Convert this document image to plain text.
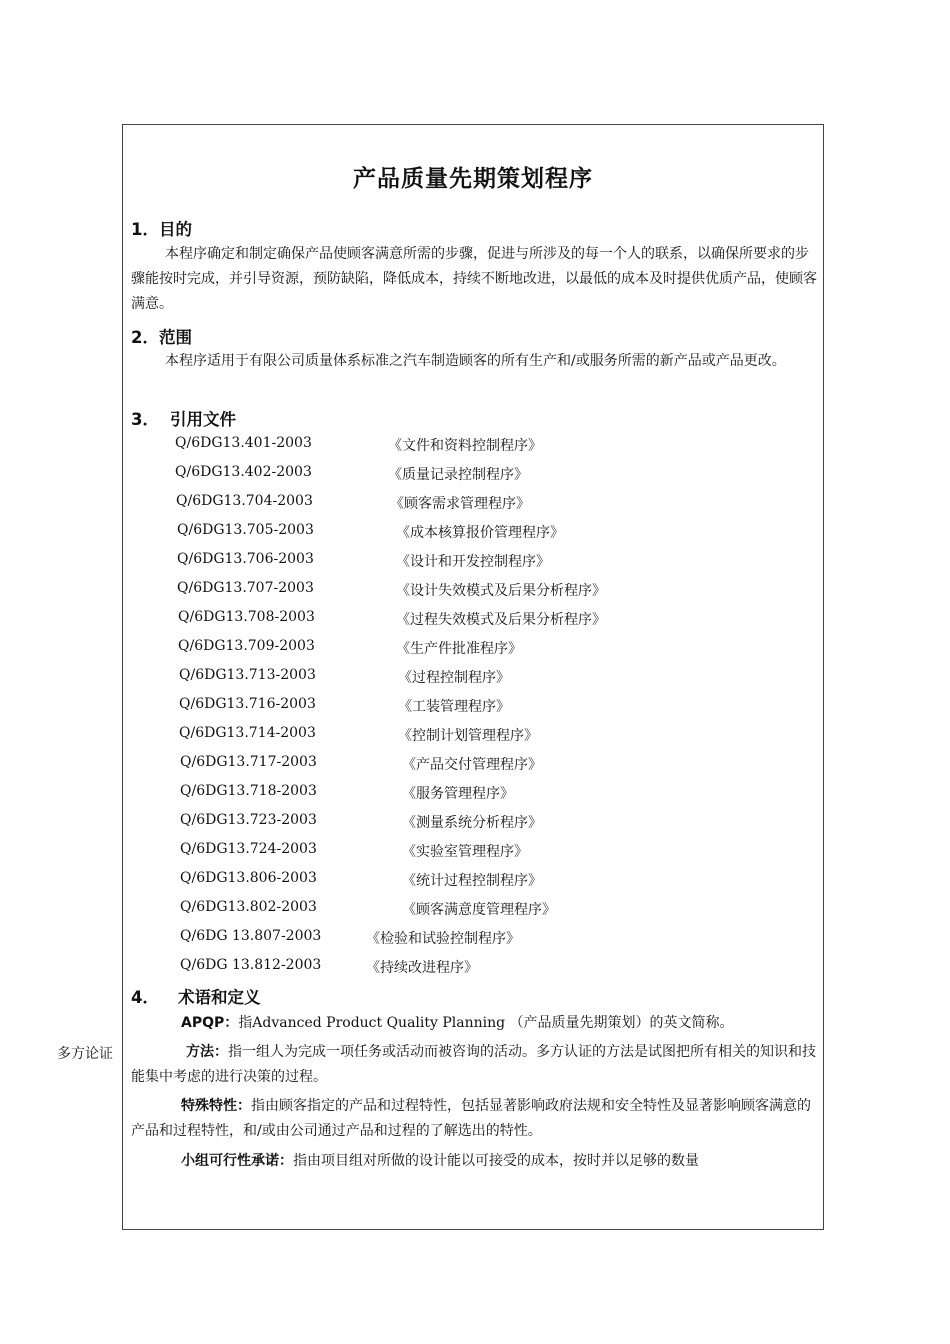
产品质量先期策划程序
1．目的
本程序确定和制定确保产品使顾客满意所需的步骤，促进与所涉及的每一个人的联系，以确保所要求的步骤能按时完成，并引导资源，预防缺陷，降低成本，持续不断地改进，以最低的成本及时提供优质产品，使顾客满意。
2．范围
本程序适用于有限公司质量体系标准之汽车制造顾客的所有生产和/或服务所需的新产品或产品更改。
3． 引用文件
Q/6DG13.401-2003	《文件和资料控制程序》
Q/6DG13.402-2003	《质量记录控制程序》
Q/6DG13.704-2003	《顾客需求管理程序》
Q/6DG13.705-2003	《成本核算报价管理程序》
Q/6DG13.706-2003	《设计和开发控制程序》
Q/6DG13.707-2003	《设计失效模式及后果分析程序》
Q/6DG13.708-2003	《过程失效模式及后果分析程序》
Q/6DG13.709-2003	《生产件批准程序》
Q/6DG13.713-2003	《过程控制程序》
Q/6DG13.716-2003	《工装管理程序》
Q/6DG13.714-2003	《控制计划管理程序》
Q/6DG13.717-2003	《产品交付管理程序》
Q/6DG13.718-2003	《服务管理程序》
Q/6DG13.723-2003	《测量系统分析程序》
Q/6DG13.724-2003	《实验室管理程序》
Q/6DG13.806-2003	《统计过程控制程序》
Q/6DG13.802-2003	《顾客满意度管理程序》
Q/6DG 13.807-2003	《检验和试验控制程序》
Q/6DG 13.812-2003	《持续改进程序》
4． 术语和定义
APQP：指Advanced Product Quality Planning （产品质量先期策划）的英文简称。
多方论证	方法：指一组人为完成一项任务或活动而被咨询的活动。多方认证的方法是试图把所有相关的知识和技能集中考虑的进行决策的过程。
特殊特性：指由顾客指定的产品和过程特性，包括显著影响政府法规和安全特性及显著影响顾客满意的产品和过程特性，和/或由公司通过产品和过程的了解选出的特性。
小组可行性承诺：指由项目组对所做的设计能以可接受的成本，按时并以足够的数量
